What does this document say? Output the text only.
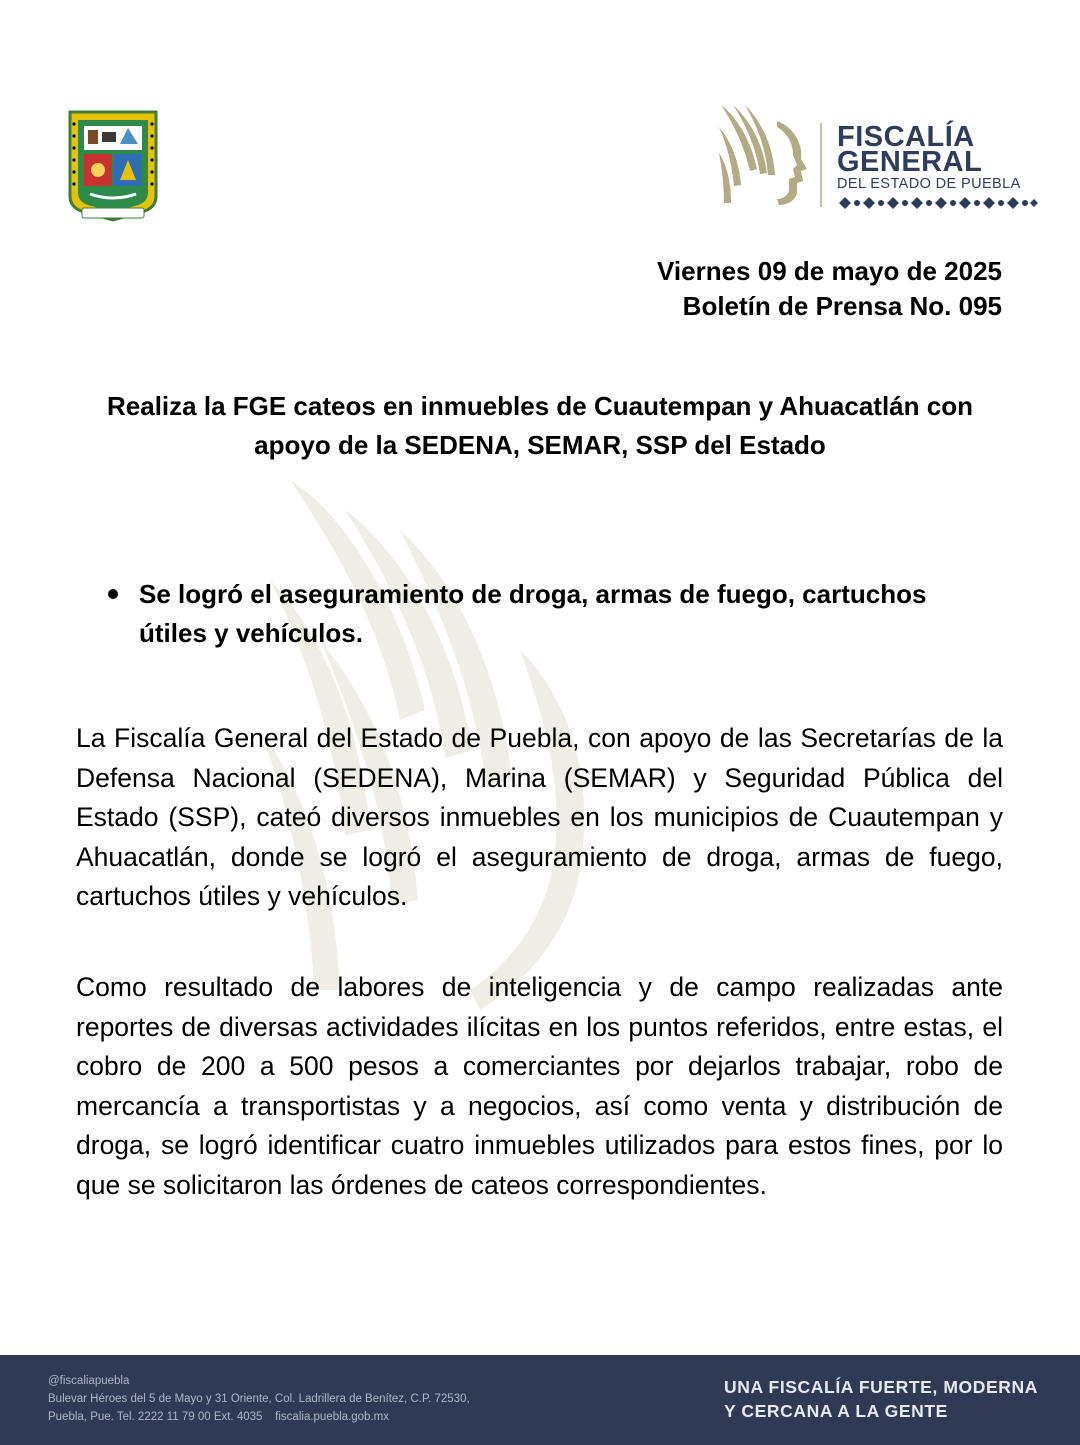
FISCALÍA
GENERAL
DEL ESTADO DE PUEBLA
Viernes 09 de mayo de 2025
Boletín de Prensa No. 095
Realiza la FGE cateos en inmuebles de Cuautempan y Ahuacatlán con apoyo de la SEDENA, SEMAR, SSP del Estado
Se logró el aseguramiento de droga, armas de fuego, cartuchos útiles y vehículos.

La Fiscalía General del Estado de Puebla, con apoyo de las Secretarías de la Defensa Nacional (SEDENA), Marina (SEMAR) y Seguridad Pública del Estado (SSP), cateó diversos inmuebles en los municipios de Cuautempan y Ahuacatlán, donde se logró el aseguramiento de droga, armas de fuego, cartuchos útiles y vehículos.

Como resultado de labores de inteligencia y de campo realizadas ante reportes de diversas actividades ilícitas en los puntos referidos, entre estas, el cobro de 200 a 500 pesos a comerciantes por dejarlos trabajar, robo de mercancía a transportistas y a negocios, así como venta y distribución de droga, se logró identificar cuatro inmuebles utilizados para estos fines, por lo que se solicitaron las órdenes de cateos correspondientes.

@fiscaliapuebla
Bulevar Héroes del 5 de Mayo y 31 Oriente, Col. Ladrillera de Benítez, C.P. 72530,
Puebla, Pue. Tel. 2222 11 79 00 Ext. 4035    fiscalia.puebla.gob.mx
UNA FISCALÍA FUERTE, MODERNA
Y CERCANA A LA GENTE
